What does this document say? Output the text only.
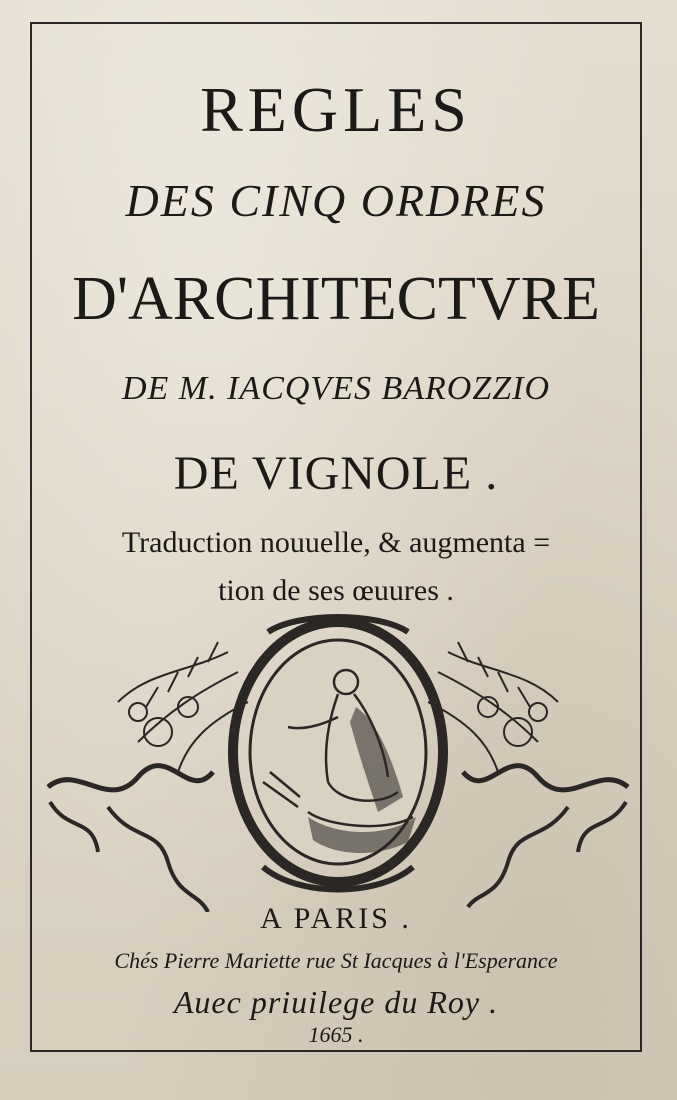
REGLES
DES CINQ ORDRES
D'ARCHITECTVRE
DE M. IACQVES BAROZZIO
DE VIGNOLE .
Traduction nouuelle, & augmenta =
tion de ses œuures .
A PARIS .
Chés Pierre Mariette rue St Iacques à l'Esperance
Auec priuilege du Roy .
1665 .
